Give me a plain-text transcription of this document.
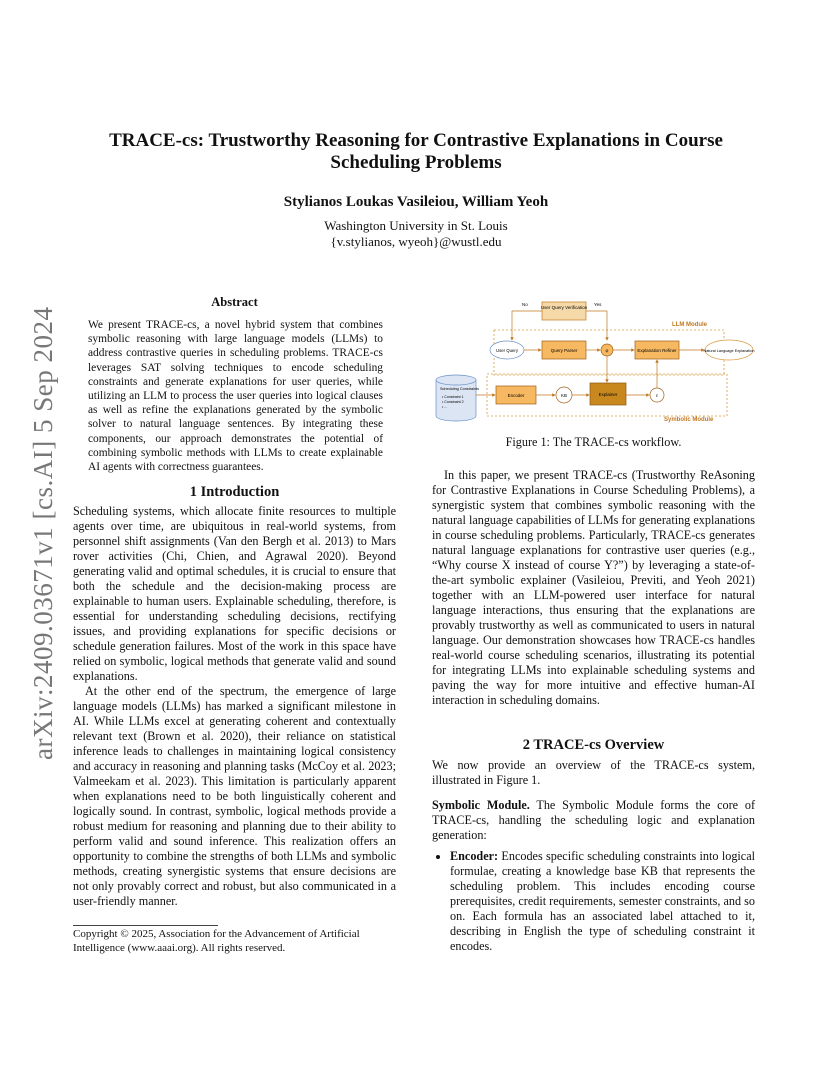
arXiv:2409.03671v1 [cs.AI] 5 Sep 2024
TRACE-cs: Trustworthy Reasoning for Contrastive Explanations in Course
Scheduling Problems
Stylianos Loukas Vasileiou, William Yeoh
Washington University in St. Louis
{v.stylianos, wyeoh}@wustl.edu
Abstract
We present TRACE-cs, a novel hybrid system that combines symbolic reasoning with large language models (LLMs) to address contrastive queries in scheduling problems. TRACE-cs leverages SAT solving techniques to encode scheduling constraints and generate explanations for user queries, while utilizing an LLM to process the user queries into logical clauses as well as refine the explanations generated by the symbolic solver to natural language sentences. By integrating these components, our approach demonstrates the potential of combining symbolic methods with LLMs to create explainable AI agents with correctness guarantees.
1 Introduction

Scheduling systems, which allocate finite resources to multiple agents over time, are ubiquitous in real-world systems, from personnel shift assignments (Van den Bergh et al. 2013) to Mars rover activities (Chi, Chien, and Agrawal 2020). Beyond generating valid and optimal schedules, it is crucial to ensure that both the schedule and the decision-making process are explainable to human users. Explainable scheduling, therefore, is essential for understanding scheduling decisions, rectifying issues, and providing explanations for specific decisions or schedule generation failures. Most of the work in this space have relied on symbolic, logical methods that generate valid and sound explanations.

At the other end of the spectrum, the emergence of large language models (LLMs) has marked a significant milestone in AI. While LLMs excel at generating coherent and contextually relevant text (Brown et al. 2020), their reliance on statistical inference leads to challenges in maintaining logical consistency and accuracy in reasoning and planning tasks (McCoy et al. 2023; Valmeekam et al. 2023). This limitation is particularly apparent when explanations need to be both linguistically coherent and logically sound. In contrast, symbolic, logical methods provide a robust medium for reasoning and planning due to their ability to perform valid and sound inference. This realization offers an opportunity to combine the strengths of both LLMs and symbolic methods, creating synergistic systems that ensure decisions are not only provably correct and robust, but also communicated in a user-friendly manner.

Copyright © 2025, Association for the Advancement of Artificial Intelligence (www.aaai.org). All rights reserved.
LLM Module
Symbolic Module
User Query Verification
No	Yes
User Query	Query Parser	φ	Explanation Refiner	Natural Language Explanation
Scheduling Constraints
• Constraint 1
• Constraint 2
• ...
Encoder	KB	Explainer	ε
Figure 1: The TRACE-cs workflow.

In this paper, we present TRACE-cs (Trustworthy ReAsoning for Contrastive Explanations in Course Scheduling Problems), a synergistic system that combines symbolic reasoning with the natural language capabilities of LLMs for generating explanations in course scheduling problems. Particularly, TRACE-cs generates natural language explanations for contrastive user queries (e.g., “Why course X instead of course Y?”) by leveraging a state-of-the-art symbolic explainer (Vasileiou, Previti, and Yeoh 2021) together with an LLM-powered user interface for natural language interactions, thus ensuring that the explanations are provably trustworthy as well as communicated to users in natural language. Our demonstration showcases how TRACE-cs handles real-world course scheduling scenarios, illustrating its potential for integrating LLMs into explainable scheduling systems and paving the way for more intuitive and effective human-AI interaction in scheduling domains.

2 TRACE-cs Overview

We now provide an overview of the TRACE-cs system, illustrated in Figure 1.

Symbolic Module. The Symbolic Module forms the core of TRACE-cs, handling the scheduling logic and explanation generation:

• Encoder: Encodes specific scheduling constraints into logical formulae, creating a knowledge base KB that represents the scheduling problem. This includes encoding course prerequisites, credit requirements, semester constraints, and so on. Each formula has an associated label attached to it, describing in English the type of scheduling constraint it encodes.
